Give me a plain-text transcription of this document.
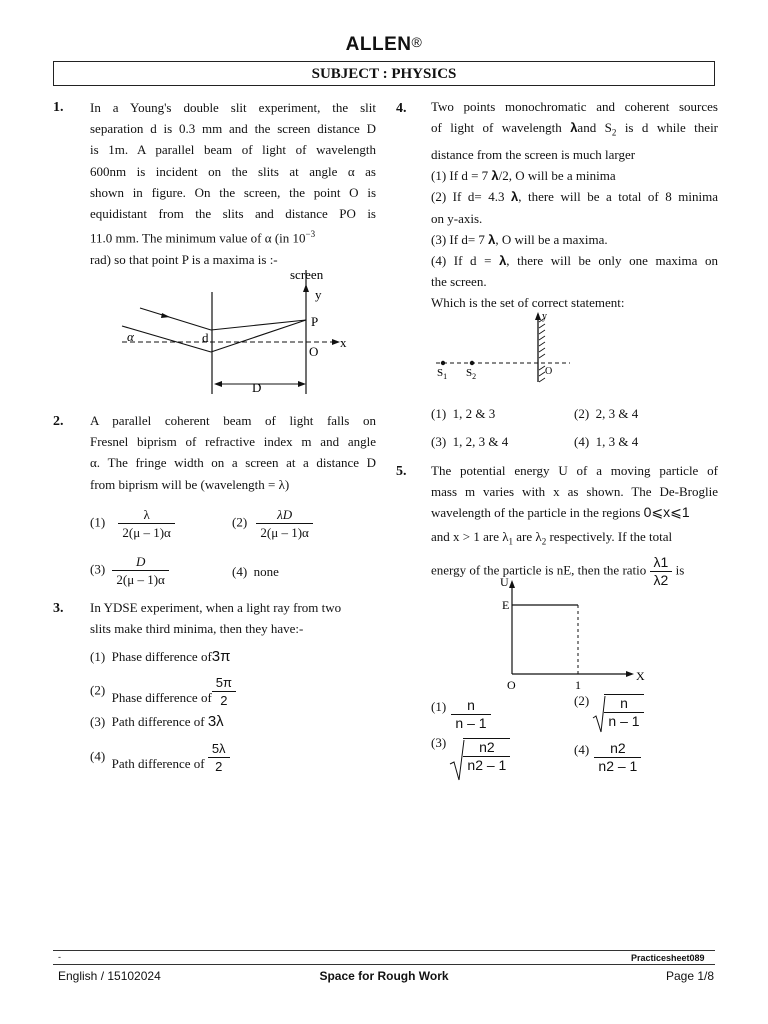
ALLEN®
SUBJECT : PHYSICS
1. In a Young's double slit experiment, the slit
separation d is 0.3 mm and the screen distance D
is 1m. A parallel beam of light of wavelength
600nm is incident on the slits at angle α as
shown in figure. On the screen, the point O is
equidistant from the slits and distance PO is
11.0 mm. The minimum value of α (in $10^{-3}$
rad) so that point P is a maxima is :-
screen
y
P
α	d
O
x
D
2. A parallel coherent beam of light falls on
Fresnel biprism of refractive index m and angle
α. The fringe width on a screen at a distance D
from biprism will be (wavelength = λ)
$(1) \frac{\lambda}{2(\mu - 1)\alpha}$	$(2) \frac{\lambda D}{2(\mu - 1)\alpha}$
$(3) \frac{D}{2(\mu - 1)\alpha}$	(4) none
3. In YDSE experiment, when a light ray from two
slits make third minima, then they have:-
(1) Phase difference of3π
(2)  Phase difference of $\frac{5\pi}{2}$
(3) Path difference of 3λ
(4)  Path difference of $\frac{5\lambda}{2}$
4. Two points monochromatic and coherent sources
of light of wavelength λand $S_2$ is d while their
distance from the screen is much larger
(1) If d = 7 λ/2, O will be a minima
(2) If d= 4.3 λ, there will be a total of 8 minima
on y-axis.
(3) If d= 7 λ, O will be a maxima.
(4) If d = λ, there will be only one maxima on
the screen.
Which is the set of correct statement:
y
$S_1$ $S_2$	O
(1) 1, 2 & 3	(2) 2, 3 & 4
(3) 1, 2, 3 & 4	(4) 1, 3 & 4
5. The potential energy U of a moving particle of
mass m varies with x as shown. The De-Broglie
wavelength of the particle in the regions 0⩽x⩽1
and x > 1 are $\lambda_1$ are $\lambda_2$ respectively. If the total
energy of the particle is nE, then the ratio $\frac{\lambda 1}{\lambda 2}$ is
U
E
O	1
X
$(1) \frac{n}{n - 1}$	$(2) \frac{n}{n - 1}$
$(3) \frac{n2}{n2 - 1}$	$(4) \frac{n2}{n2 - 1}$
-	Practicesheet089
English / 15102024	Space for Rough Work	Page 1/8
